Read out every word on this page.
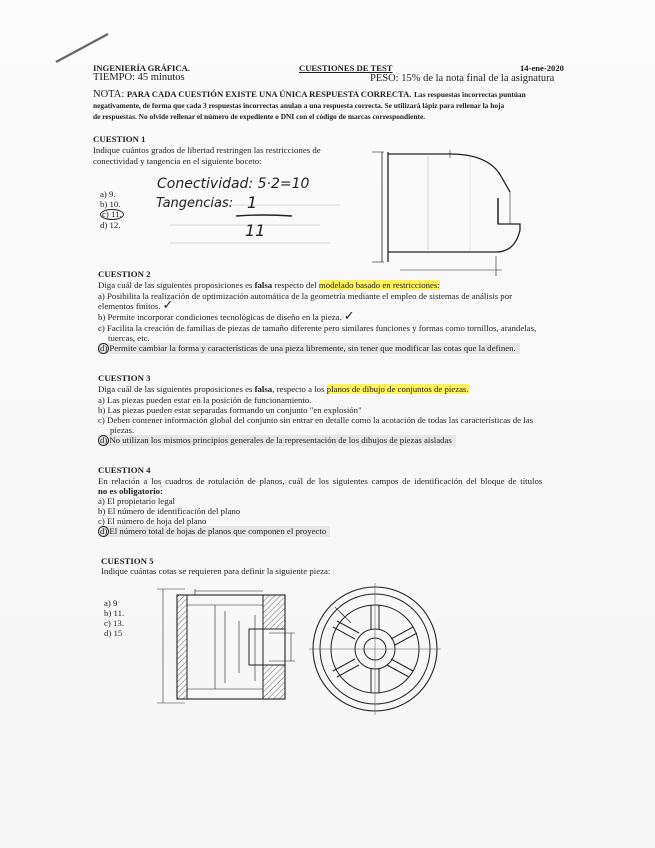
INGENIERÍA GRÁFICA.
TIEMPO: 45 minutos
CUESTIONES DE TEST	14-ene-2020
PESO: 15% de la nota final de la asignatura
NOTA: PARA CADA CUESTIÓN EXISTE UNA ÚNICA RESPUESTA CORRECTA. Las respuestas incorrectas puntúan
negativamente, de forma que cada 3 respuestas incorrectas anulan a una respuesta correcta. Se utilizará lápiz para rellenar la hoja
de respuestas. No olvide rellenar el número de expediente o DNI con el código de marcas correspondiente.
CUESTION 1
Indique cuántos grados de libertad restringen las restricciones de
conectividad y tangencia en el siguiente boceto:
a) 9.
b) 10.
c) 11.
d) 12.
Conectividad: 5·2=10
Tangencias: 1
11
CUESTION 2
Diga cuál de las siguientes proposiciones es falsa respecto del modelado basado en restricciones:
a) Posibilita la realización de optimización automática de la geometría mediante el empleo de sistemas de análisis por
elementos finitos. ✓
b) Permite incorporar condiciones tecnológicas de diseño en la pieza. ✓
c) Facilita la creación de familias de piezas de tamaño diferente pero similares funciones y formas como tornillos, arandelas,
tuercas, etc.
d) Permite cambiar la forma y características de una pieza libremente, sin tener que modificar las cotas que la definen.
CUESTION 3
Diga cuál de las siguientes proposiciones es falsa, respecto a los planos de dibujo de conjuntos de piezas.
a) Las piezas pueden estar en la posición de funcionamiento.
b) Las piezas pueden estar separadas formando un conjunto "en explosión"
c) Deben contener información global del conjunto sin entrar en detalle como la acotación de todas las características de las
piezas.
d) No utilizan los mismos principios generales de la representación de los dibujos de piezas aisladas
CUESTION 4
En relación a los cuadros de rotulación de planos, cuál de los siguientes campos de identificación del bloque de títulos
no es obligatorio:
a) El propietario legal
b) El número de identificación del plano
c) El número de hoja del plano
d) El número total de hojas de planos que componen el proyecto
CUESTION 5
Indique cuántas cotas se requieren para definir la siguiente pieza:
a) 9
b) 11.
c) 13.
d) 15
